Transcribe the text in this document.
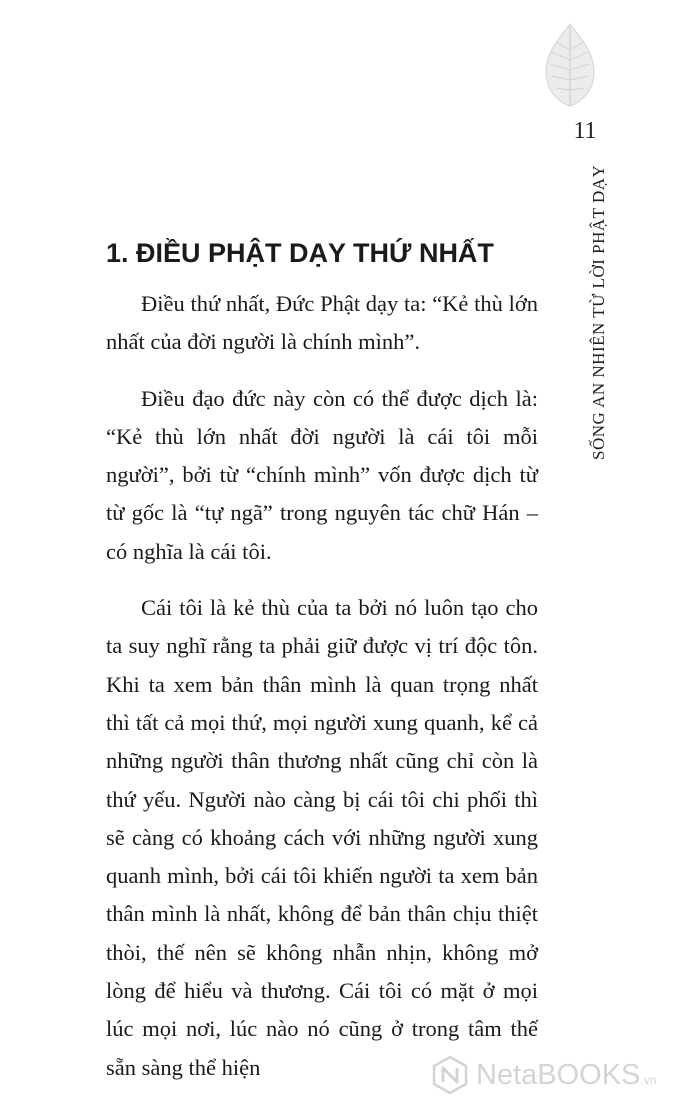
11
SỐNG AN NHIÊN TỪ LỜI PHẬT DẠY
1. ĐIỀU PHẬT DẠY THỨ NHẤT

Điều thứ nhất, Đức Phật dạy ta: “Kẻ thù lớn nhất của đời người là chính mình”.

Điều đạo đức này còn có thể được dịch là: “Kẻ thù lớn nhất đời người là cái tôi mỗi người”, bởi từ “chính mình” vốn được dịch từ từ gốc là “tự ngã” trong nguyên tác chữ Hán – có nghĩa là cái tôi.

Cái tôi là kẻ thù của ta bởi nó luôn tạo cho ta suy nghĩ rằng ta phải giữ được vị trí độc tôn. Khi ta xem bản thân mình là quan trọng nhất thì tất cả mọi thứ, mọi người xung quanh, kể cả những người thân thương nhất cũng chỉ còn là thứ yếu. Người nào càng bị cái tôi chi phối thì sẽ càng có khoảng cách với những người xung quanh mình, bởi cái tôi khiến người ta xem bản thân mình là nhất, không để bản thân chịu thiệt thòi, thế nên sẽ không nhẫn nhịn, không mở lòng để hiểu và thương. Cái tôi có mặt ở mọi lúc mọi nơi, lúc nào nó cũng ở trong tâm thế sẵn sàng thể hiện	NetaBOOKS.vn
